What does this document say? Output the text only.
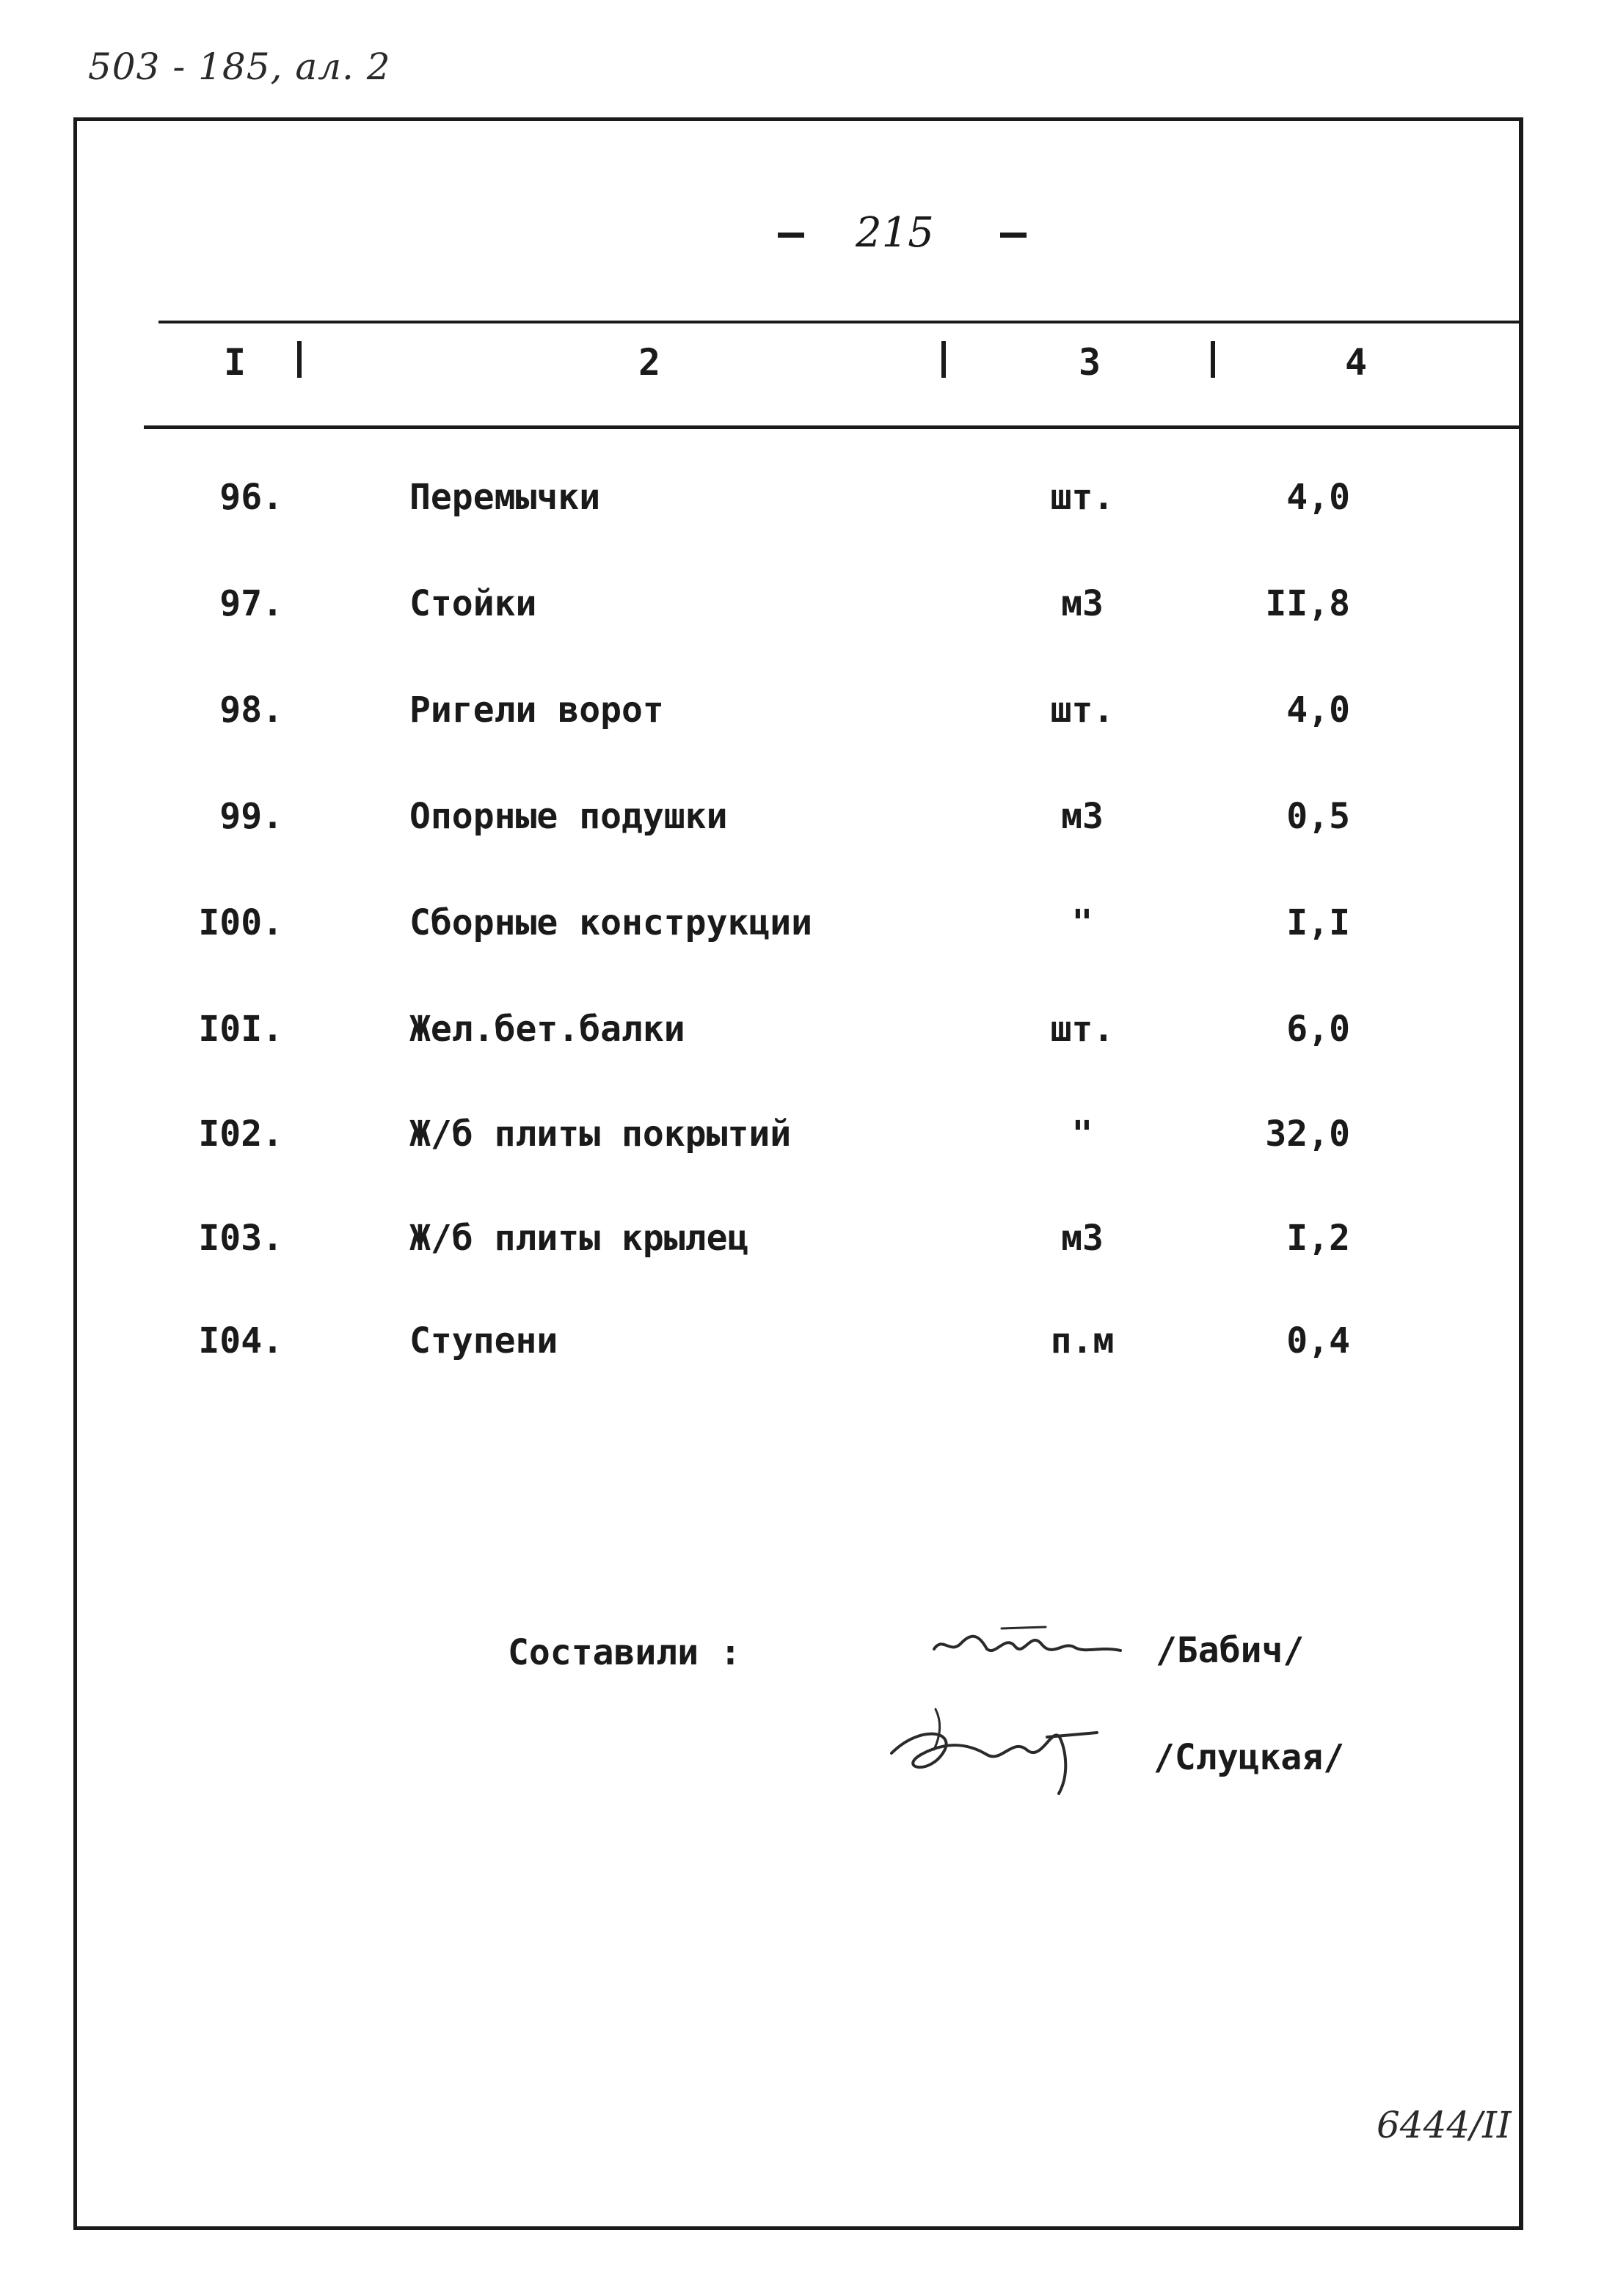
503 - 185, ал. 2
215
I	2	3	4
96.	Перемычки	шт.	4,0
97.	Стойки	м3	II,8
98.	Ригели ворот	шт.	4,0
99.	Опорные подушки	м3	0,5
I00.	Сборные конструкции	"	I,I
I0I.	Жел.бет.балки	шт.	6,0
I02.	Ж/б плиты покрытий	"	32,0
I03.	Ж/б плиты крылец	м3	I,2
I04.	Ступени	п.м	0,4
Составили :	/Бабич/
/Слуцкая/
6444/II
